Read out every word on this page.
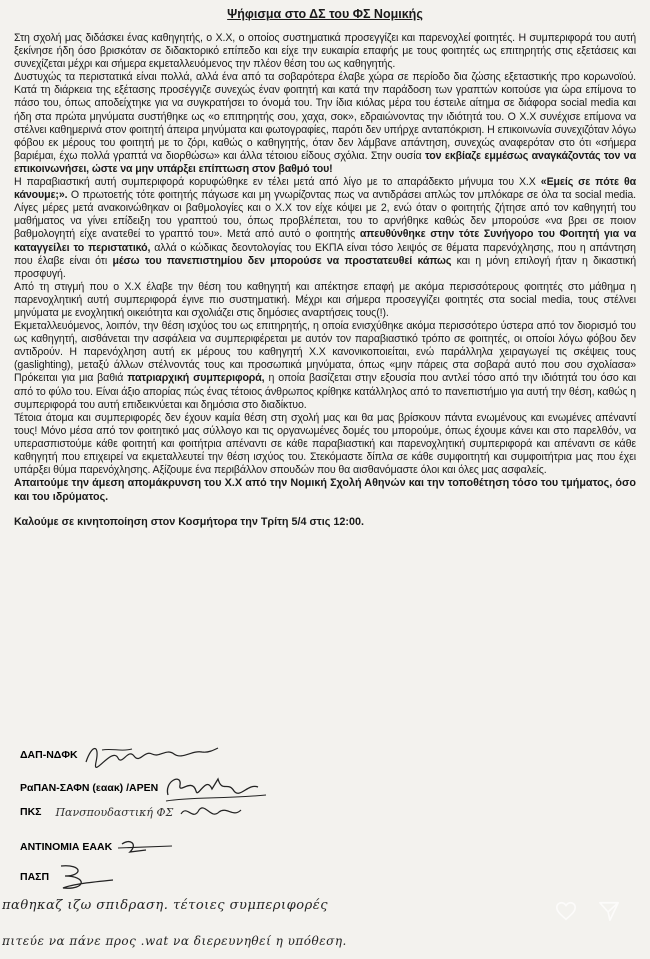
Ψήφισμα στο ΔΣ του ΦΣ Νομικής
Στη σχολή μας διδάσκει ένας καθηγητής, ο Χ.Χ, ο οποίος συστηματικά προσεγγίζει και παρενοχλεί φοιτητές. Η συμπεριφορά του αυτή ξεκίνησε ήδη όσο βρισκόταν σε διδακτορικό επίπεδο και είχε την ευκαιρία επαφής με τους φοιτητές ως επιτηρητής στις εξετάσεις και συνεχίζεται μέχρι και σήμερα εκμεταλλευόμενος την πλέον θέση του ως καθηγητής.
Δυστυχώς τα περιστατικά είναι πολλά, αλλά ένα από τα σοβαρότερα έλαβε χώρα σε περίοδο δια ζώσης εξεταστικής προ κορωνοϊού. Κατά τη διάρκεια της εξέτασης προσέγγιζε συνεχώς έναν φοιτητή και κατά την παράδοση των γραπτών κοιτούσε για ώρα επίμονα το πάσο του, όπως αποδείχτηκε για να συγκρατήσει το όνομά του. Την ίδια κιόλας μέρα του έστειλε αίτημα σε διάφορα social media και ήδη στα πρώτα μηνύματα συστήθηκε ως «ο επιτηρητής σου, χαχα, σοκ», εδραιώνοντας την ιδιότητά του. Ο Χ.Χ συνέχισε επίμονα να στέλνει καθημερινά στον φοιτητή άπειρα μηνύματα και φωτογραφίες, παρότι δεν υπήρχε ανταπόκριση. Η επικοινωνία συνεχιζόταν λόγω φόβου εκ μέρους του φοιτητή με το ζόρι, καθώς ο καθηγητής, όταν δεν λάμβανε απάντηση, συνεχώς αναφερόταν στο ότι «σήμερα βαριέμαι, έχω πολλά γραπτά να διορθώσω» και άλλα τέτοιου είδους σχόλια. Στην ουσία τον εκβίαζε εμμέσως αναγκάζοντάς τον να επικοινωνήσει, ώστε να μην υπάρξει επίπτωση στον βαθμό του!
Η παραβιαστική αυτή συμπεριφορά κορυφώθηκε εν τέλει μετά από λίγο με το απαράδεκτο μήνυμα του Χ.Χ «Εμείς σε πότε θα κάνουμε;». Ο πρωτοετής τότε φοιτητής πάγωσε και μη γνωρίζοντας πως να αντιδράσει απλώς τον μπλόκαρε σε όλα τα social media. Λίγες μέρες μετά ανακοινώθηκαν οι βαθμολογίες και ο Χ.Χ τον είχε κόψει με 2, ενώ όταν ο φοιτητής ζήτησε από τον καθηγητή του μαθήματος να γίνει επίδειξη του γραπτού του, όπως προβλέπεται, του το αρνήθηκε καθώς δεν μπορούσε «να βρει σε ποιον βαθμολογητή είχε ανατεθεί το γραπτό του». Μετά από αυτό ο φοιτητής απευθύνθηκε στην τότε Συνήγορο του Φοιτητή για να καταγγείλει το περιστατικό, αλλά ο κώδικας δεοντολογίας του ΕΚΠΑ είναι τόσο λειψός σε θέματα παρενόχλησης, που η απάντηση που έλαβε είναι ότι μέσω του πανεπιστημίου δεν μπορούσε να προστατευθεί κάπως και η μόνη επιλογή ήταν η δικαστική προσφυγή.
Από τη στιγμή που ο Χ.Χ έλαβε την θέση του καθηγητή και απέκτησε επαφή με ακόμα περισσότερους φοιτητές στο μάθημα η παρενοχλητική αυτή συμπεριφορά έγινε πιο συστηματική. Μέχρι και σήμερα προσεγγίζει φοιτητές στα social media, τους στέλνει μηνύματα με ενοχλητική οικειότητα και σχολιάζει στις δημόσιες αναρτήσεις τους(!).
Εκμεταλλευόμενος, λοιπόν, την θέση ισχύος του ως επιτηρητής, η οποία ενισχύθηκε ακόμα περισσότερο ύστερα από τον διορισμό του ως καθηγητή, αισθάνεται την ασφάλεια να συμπεριφέρεται με αυτόν τον παραβιαστικό τρόπο σε φοιτητές, οι οποίοι λόγω φόβου δεν αντιδρούν. Η παρενόχληση αυτή εκ μέρους του καθηγητή Χ.Χ κανονικοποιείται, ενώ παράλληλα χειραγωγεί τις σκέψεις τους (gaslighting), μεταξύ άλλων στέλνοντάς τους και προσωπικά μηνύματα, όπως «μην πάρεις στα σοβαρά αυτό που σου σχολίασα» Πρόκειται για μια βαθιά πατριαρχική συμπεριφορά, η οποία βασίζεται στην εξουσία που αντλεί τόσο από την ιδιότητά του όσο και από το φύλο του. Είναι άξιο απορίας πώς ένας τέτοιος άνθρωπος κρίθηκε κατάλληλος από το πανεπιστήμιο για αυτή την θέση, καθώς η συμπεριφορά του αυτή επιδεικνύεται και δημόσια στο διαδίκτυο.
Τέτοια άτομα και συμπεριφορές δεν έχουν καμία θέση στη σχολή μας και θα μας βρίσκουν πάντα ενωμένους και ενωμένες απέναντί τους! Μόνο μέσα από τον φοιτητικό μας σύλλογο και τις οργανωμένες δομές του μπορούμε, όπως έχουμε κάνει και στο παρελθόν, να υπερασπιστούμε κάθε φοιτητή και φοιτήτρια απέναντι σε κάθε παραβιαστική και παρενοχλητική συμπεριφορά και απέναντι σε κάθε καθηγητή που επιχειρεί να εκμεταλλευτεί την θέση ισχύος του. Στεκόμαστε δίπλα σε κάθε συμφοιτητή και συμφοιτήτρια μας που έχει υπάρξει θύμα παρενόχλησης. Αξίζουμε ένα περιβάλλον σπουδών που θα αισθανόμαστε όλοι και όλες μας ασφαλείς.
Απαιτούμε την άμεση απομάκρυνση του Χ.Χ από την Νομική Σχολή Αθηνών και την τοποθέτηση τόσο του τμήματος, όσο και του ιδρύματος.
Καλούμε σε κινητοποίηση στον Κοσμήτορα την Τρίτη 5/4 στις 12:00.
ΔΑΠ-ΝΔΦΚ
ΡαΠΑΝ-ΣΑΦΝ (εαακ) /ΑΡΕΝ
ΠΚΣ Πανσπουδαστική ΦΣ
ΑΝΤΙΝΟΜΙΑ ΕΑΑΚ
ΠΑΣΠ
παθηκαζ ιζω σπιδραση. τέτοιες συμπεριφορές
πιτεύε να πάνε προς .wat να διερευνηθεί η υπόθεση.
